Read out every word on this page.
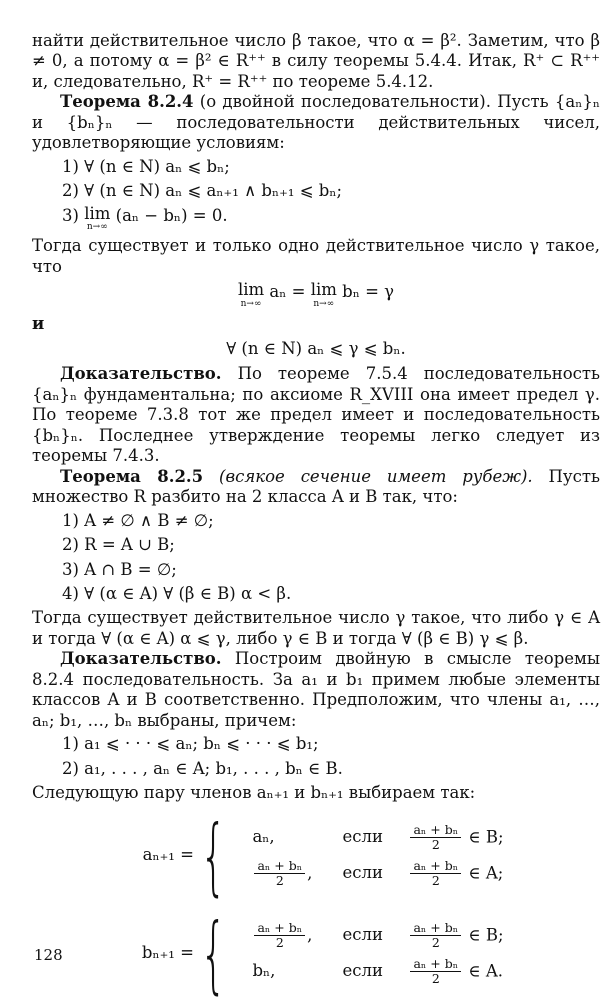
найти действительное число β такое, что α = β². Заметим, что β ≠ 0, а потому α = β² ∈ R⁺⁺ в силу теоремы 5.4.4. Итак, R⁺ ⊂ R⁺⁺ и, следовательно, R⁺ = R⁺⁺ по теореме 5.4.12.

Теорема 8.2.4 (о двойной последовательности). Пусть {aₙ}ₙ и {bₙ}ₙ — последовательности действительных чисел, удовлетворяющие условиям:

1) ∀ (n ∈ N) aₙ ⩽ bₙ;
2) ∀ (n ∈ N) aₙ ⩽ aₙ₊₁ ∧ bₙ₊₁ ⩽ bₙ;
3) lim
n→∞
(aₙ − bₙ) = 0.

Тогда существует и только одно действительное число γ такое, что

lim
n→∞
aₙ = lim
n→∞
bₙ = γ

и

∀ (n ∈ N) aₙ ⩽ γ ⩽ bₙ.

Доказательство. По теореме 7.5.4 последовательность {aₙ}ₙ фундаментальна; по аксиоме R_XVIII она имеет предел γ. По теореме 7.3.8 тот же предел имеет и последовательность {bₙ}ₙ. Последнее утверждение теоремы легко следует из теоремы 7.4.3.

Теорема 8.2.5 (всякое сечение имеет рубеж). Пусть множество R разбито на 2 класса A и B так, что:

1) A ≠ ∅ ∧ B ≠ ∅;
2) R = A ∪ B;
3) A ∩ B = ∅;
4) ∀ (α ∈ A) ∀ (β ∈ B) α < β.

Тогда существует действительное число γ такое, что либо γ ∈ A и тогда ∀ (α ∈ A) α ⩽ γ, либо γ ∈ B и тогда ∀ (β ∈ B) γ ⩽ β.

Доказательство. Построим двойную в смысле теоремы 8.2.4 последовательность. За a₁ и b₁ примем любые элементы классов A и B соответственно. Предположим, что члены a₁, …, aₙ; b₁, …, bₙ выбраны, причем:

1) a₁ ⩽ · · · ⩽ aₙ; bₙ ⩽ · · · ⩽ b₁;
2) a₁, . . . , aₙ ∈ A; b₁, . . . , bₙ ∈ B.

Следующую пару членов aₙ₊₁ и bₙ₊₁ выбираем так:

aₙ₊₁ = { aₙ,	если	$\frac{\text{aₙ + bₙ}}{2}$ ∈ B;

$\frac{\text{aₙ + bₙ}}{2}$ ,	если	$\frac{\text{aₙ + bₙ}}{2}$ ∈ A;
bₙ₊₁ = { $\frac{\text{aₙ + bₙ}}{2}$ ,	если	$\frac{\text{aₙ + bₙ}}{2}$ ∈ B;
bₙ,	если	$\frac{\text{aₙ + bₙ}}{2}$ ∈ A.
128
